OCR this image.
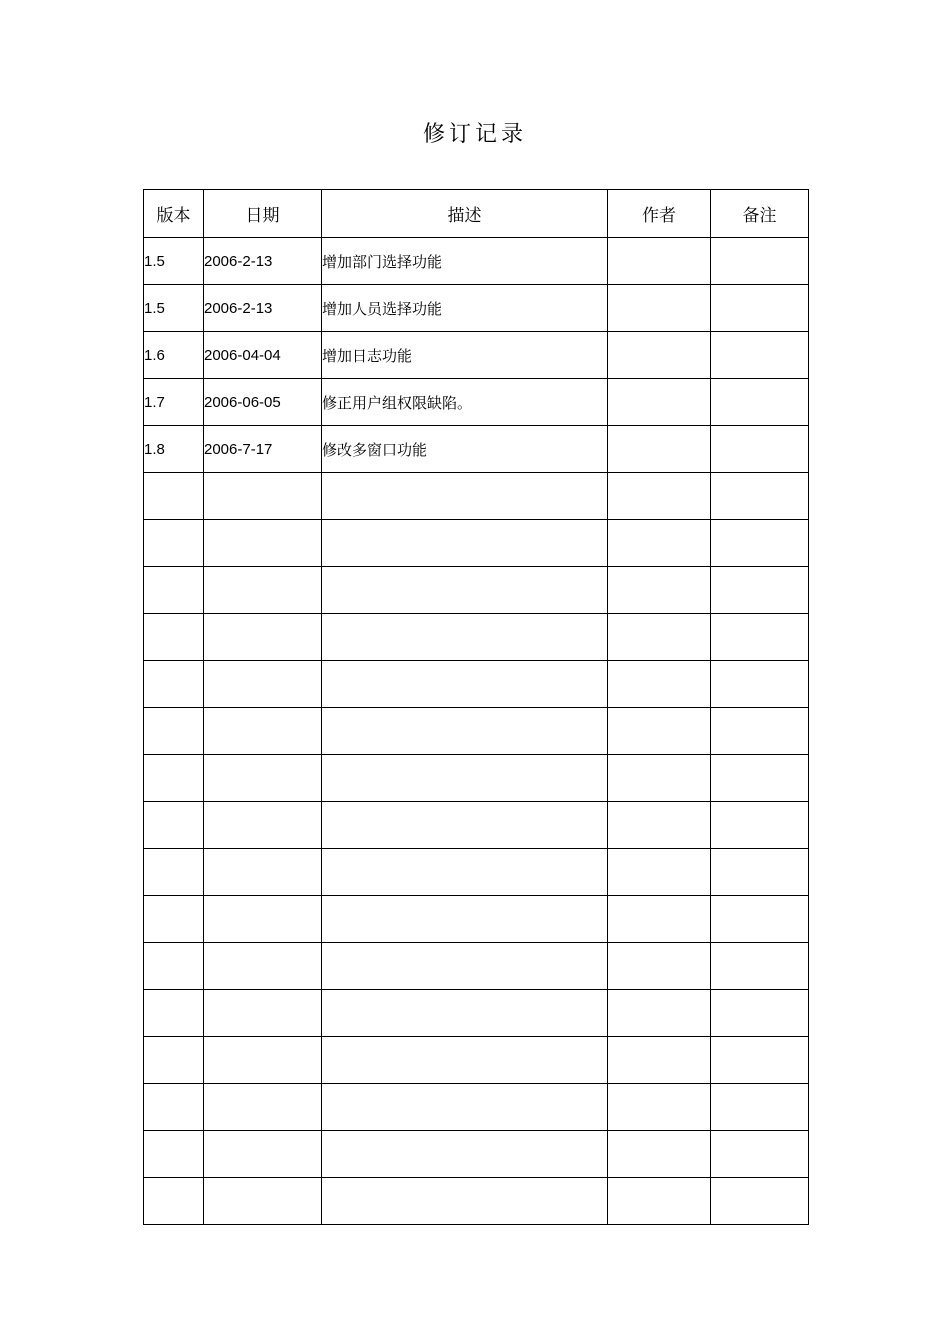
修订记录
版本	日期	描述	作者	备注
1.5	2006-2-13	增加部门选择功能		
1.5	2006-2-13	增加人员选择功能		
1.6	2006-04-04	增加日志功能		
1.7	2006-06-05	修正用户组权限缺陷。		
1.8	2006-7-17	修改多窗口功能		
